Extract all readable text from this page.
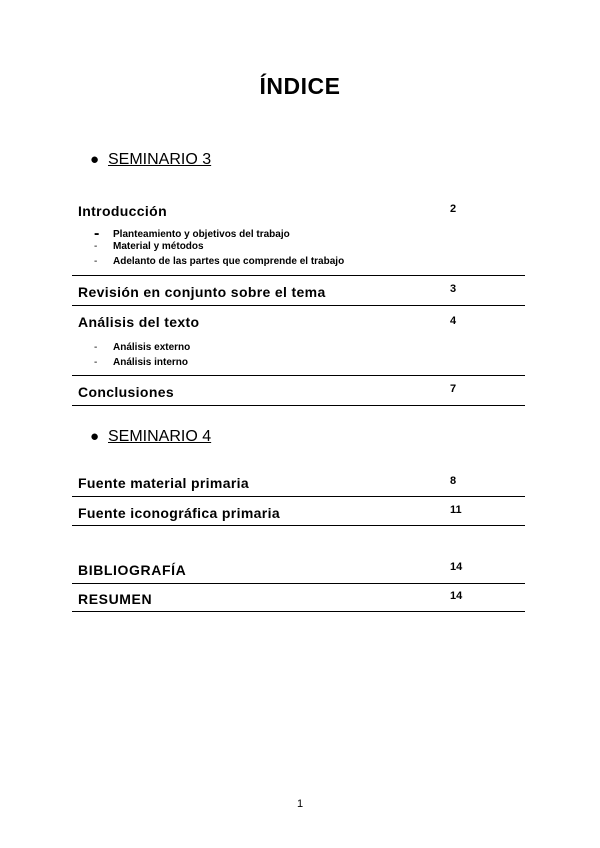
ÍNDICE
● SEMINARIO 3
Introducción	2
- Planteamiento y objetivos del trabajo
- Material y métodos
- Adelanto de las partes que comprende el trabajo
Revisión en conjunto sobre el tema	3
Análisis del texto	4
- Análisis externo
- Análisis interno
Conclusiones	7
● SEMINARIO 4
Fuente material primaria	8
Fuente iconográfica primaria	11
BIBLIOGRAFÍA	14
RESUMEN	14
1
